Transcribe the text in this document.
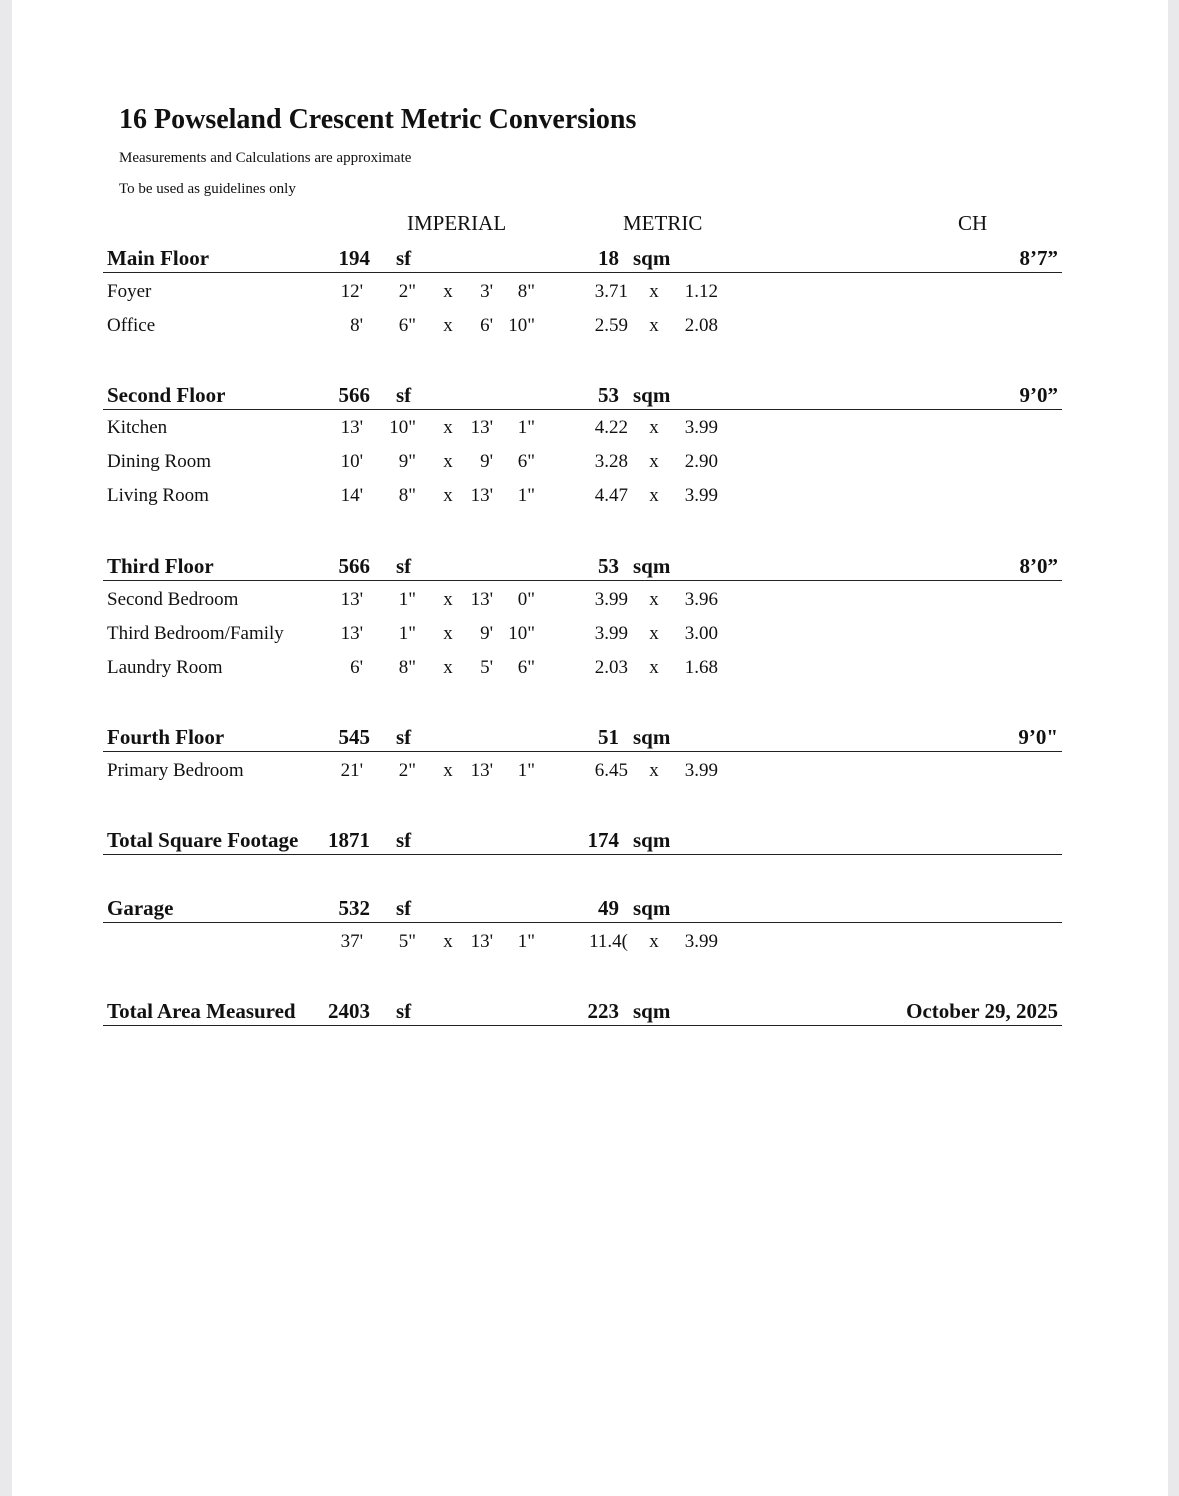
16 Powseland Crescent Metric Conversions
Measurements and Calculations are approximate
To be used as guidelines only
IMPERIAL	METRIC	CH
Main Floor	194 sf	18 sqm	8’7”
Foyer	12'	2" x	3'	8"	3.71 x	1.12
Office	8'	6" x	6' 10"	2.59 x	2.08
Second Floor	566 sf	53 sqm	9’0”
Kitchen	13'	10" x 13'	1"	4.22 x	3.99
Dining Room	10'	9" x	9'	6"	3.28 x	2.90
Living Room	14'	8" x 13'	1"	4.47 x	3.99
Third Floor	566 sf	53 sqm	8’0”
Second Bedroom	13'	1" x 13'	0"	3.99 x	3.96
Third Bedroom/Family	13'	1" x	9' 10"	3.99 x	3.00
Laundry Room	6'	8" x	5'	6"	2.03 x	1.68
Fourth Floor	545 sf	51 sqm	9’0"
Primary Bedroom	21'	2" x 13'	1"	6.45 x	3.99
Total Square Footage 1871 sf	174 sqm
Garage	532 sf	49 sqm
37'	5" x 13'	1"	11.4( x	3.99
Total Area Measured 2403 sf	223 sqm	October 29, 2025
